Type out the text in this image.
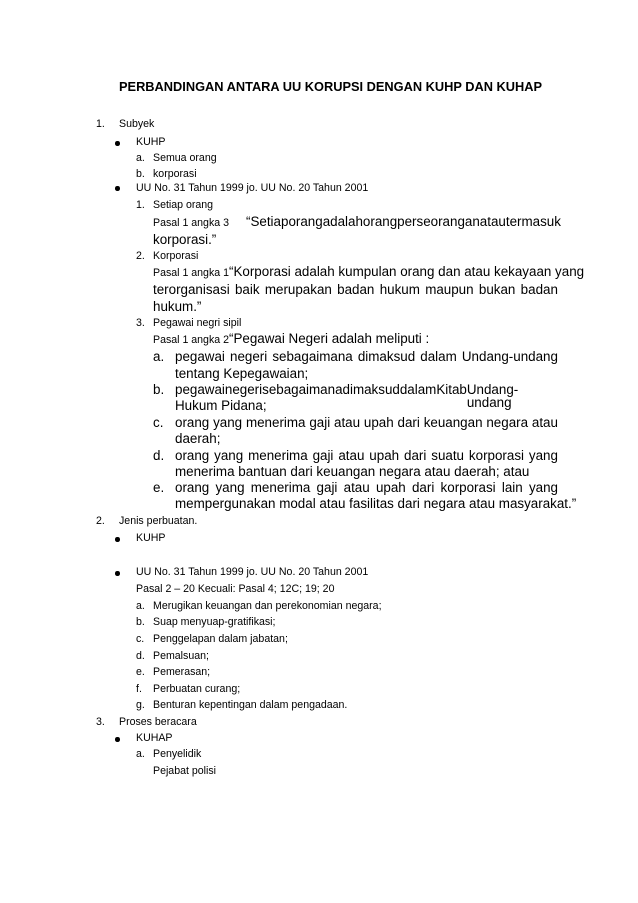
PERBANDINGAN ANTARA UU KORUPSI DENGAN KUHP DAN KUHAP
1. Subyek
KUHP
a. Semua orang
b. korporasi
UU No. 31 Tahun 1999 jo. UU No. 20 Tahun 2001
1. Setiap orang
Pasal 1 angka 3 “Setiap orang adalah orang perseorangan atau termasuk
korporasi.”
2. Korporasi
Pasal 1 angka 1 “Korporasi adalah kumpulan orang dan atau kekayaan yang
terorganisasi baik merupakan badan hukum maupun bukan badan
hukum.”
3. Pegawai negri sipil
Pasal 1 angka 2 “Pegawai Negeri adalah meliputi :
a. pegawai negeri sebagaimana dimaksud dalam Undang-undang
tentang Kepegawaian;
b. pegawai negeri sebagaimana dimaksud dalam Kitab Undang-undang
Hukum Pidana;
c. orang yang menerima gaji atau upah dari keuangan negara atau
daerah;
d. orang yang menerima gaji atau upah dari suatu korporasi yang
menerima bantuan dari keuangan negara atau daerah; atau
e. orang yang menerima gaji atau upah dari korporasi lain yang
mempergunakan modal atau fasilitas dari negara atau masyarakat.”
2. Jenis perbuatan.
KUHP
UU No. 31 Tahun 1999 jo. UU No. 20 Tahun 2001
Pasal 2 – 20 Kecuali: Pasal 4; 12C; 19; 20
a. Merugikan keuangan dan perekonomian negara;
b. Suap menyuap-gratifikasi;
c. Penggelapan dalam jabatan;
d. Pemalsuan;
e. Pemerasan;
f. Perbuatan curang;
g. Benturan kepentingan dalam pengadaan.
3. Proses beracara
KUHAP
a. Penyelidik
Pejabat polisi
